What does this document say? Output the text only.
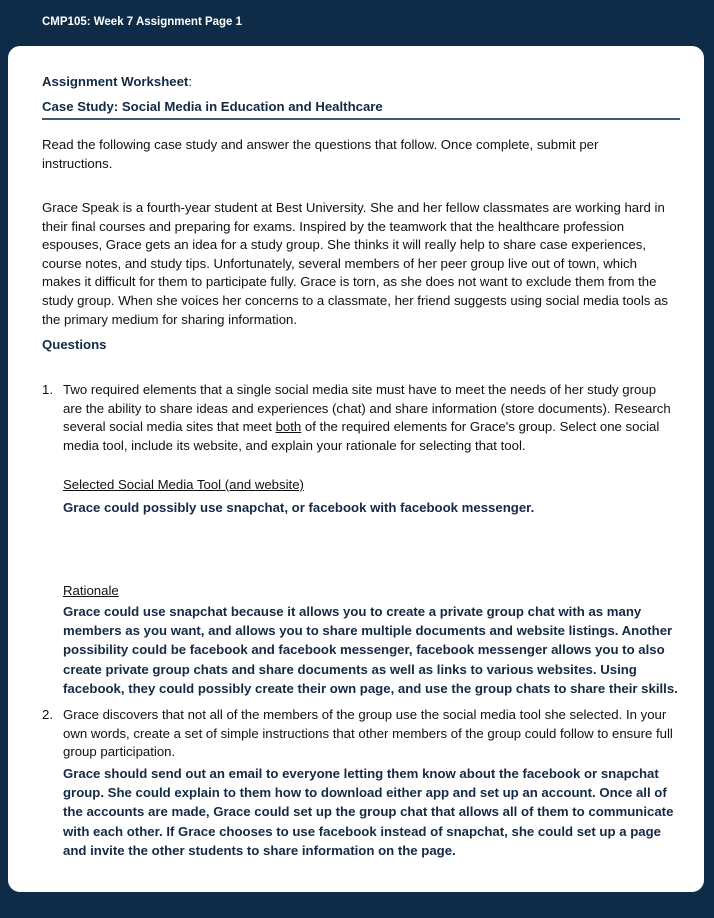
CMP105: Week 7 Assignment Page 1
Assignment Worksheet:
Case Study: Social Media in Education and Healthcare

Read the following case study and answer the questions that follow. Once complete, submit per instructions.

Grace Speak is a fourth-year student at Best University. She and her fellow classmates are working hard in their final courses and preparing for exams. Inspired by the teamwork that the healthcare profession espouses, Grace gets an idea for a study group. She thinks it will really help to share case experiences, course notes, and study tips. Unfortunately, several members of her peer group live out of town, which makes it difficult for them to participate fully. Grace is torn, as she does not want to exclude them from the study group. When she voices her concerns to a classmate, her friend suggests using social media tools as the primary medium for sharing information.

Questions
1. Two required elements that a single social media site must have to meet the needs of her study group are the ability to share ideas and experiences (chat) and share information (store documents). Research several social media sites that meet both of the required elements for Grace's group. Select one social media tool, include its website, and explain your rationale for selecting that tool.

Selected Social Media Tool (and website)

Grace could possibly use snapchat, or facebook with facebook messenger.

Rationale

Grace could use snapchat because it allows you to create a private group chat with as many members as you want, and allows you to share multiple documents and website listings. Another possibility could be facebook and facebook messenger, facebook messenger allows you to also create private group chats and share documents as well as links to various websites. Using facebook, they could possibly create their own page, and use the group chats to share their skills.

2. Grace discovers that not all of the members of the group use the social media tool she selected. In your own words, create a set of simple instructions that other members of the group could follow to ensure full group participation.

Grace should send out an email to everyone letting them know about the facebook or snapchat group. She could explain to them how to download either app and set up an account. Once all of the accounts are made, Grace could set up the group chat that allows all of them to communicate with each other. If Grace chooses to use facebook instead of snapchat, she could set up a page and invite the other students to share information on the page.
